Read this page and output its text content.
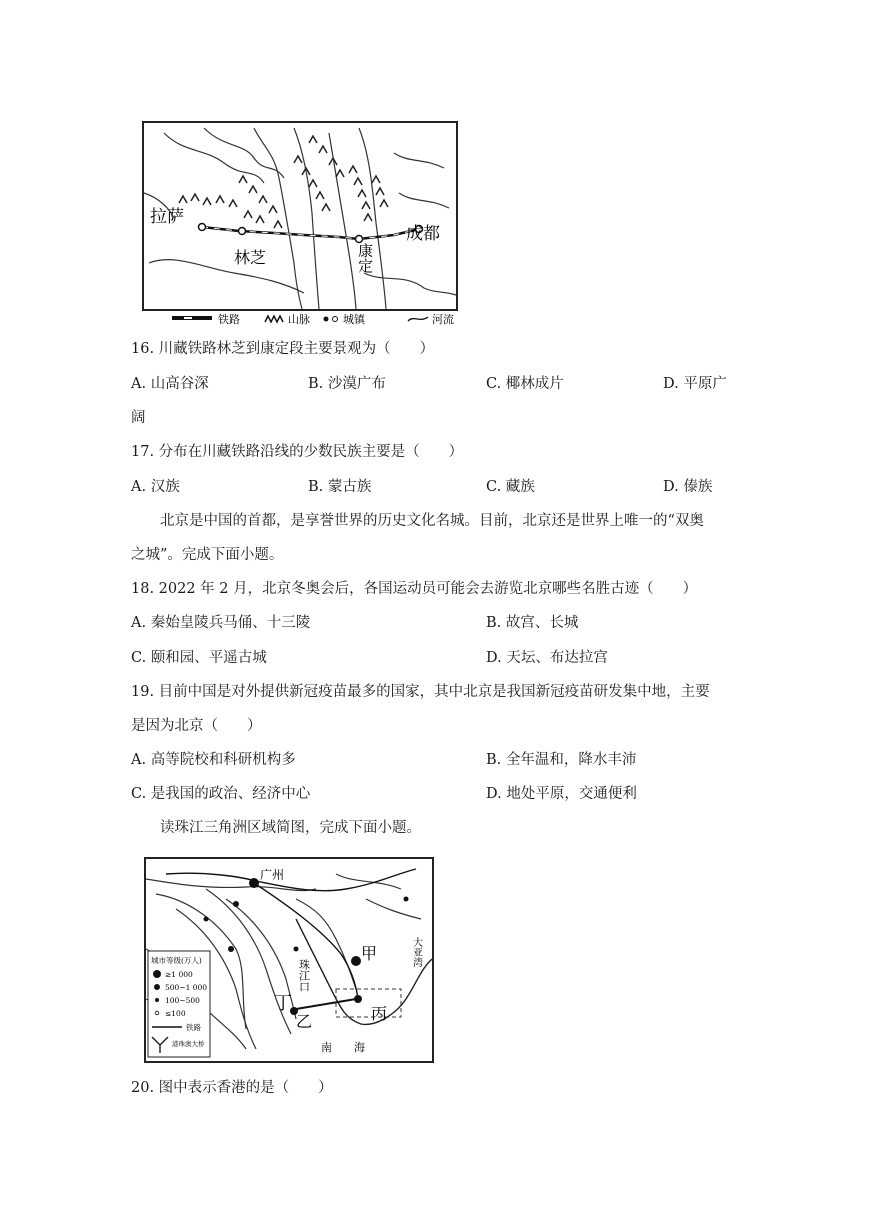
拉萨
林芝	康定
成都
铁路	山脉	城镇	河流
16. 川藏铁路林芝到康定段主要景观为（　　）
A. 山高谷深	B. 沙漠广布	C. 椰林成片	D. 平原广
阔
17. 分布在川藏铁路沿线的少数民族主要是（　　）
A. 汉族	B. 蒙古族	C. 藏族	D. 傣族
北京是中国的首都，是享誉世界的历史文化名城。目前，北京还是世界上唯一的“双奥
之城”。完成下面小题。
18. 2022 年 2 月，北京冬奥会后，各国运动员可能会去游览北京哪些名胜古迹（　　）
A. 秦始皇陵兵马俑、十三陵	B. 故宫、长城
C. 颐和园、平遥古城	D. 天坛、布达拉宫
19. 目前中国是对外提供新冠疫苗最多的国家，其中北京是我国新冠疫苗研发集中地，主要
是因为北京（　　）
A. 高等院校和科研机构多	B. 全年温和，降水丰沛
C. 是我国的政治、经济中心	D. 地处平原，交通便利
读珠江三角洲区域简图，完成下面小题。
广州
甲
乙	丙
丁
珠江口
大亚湾
南　　海
城市等级(万人)
≥1 000
500~1 000
100~500
≤100
铁路
港珠澳大桥
20. 图中表示香港的是（　　）
